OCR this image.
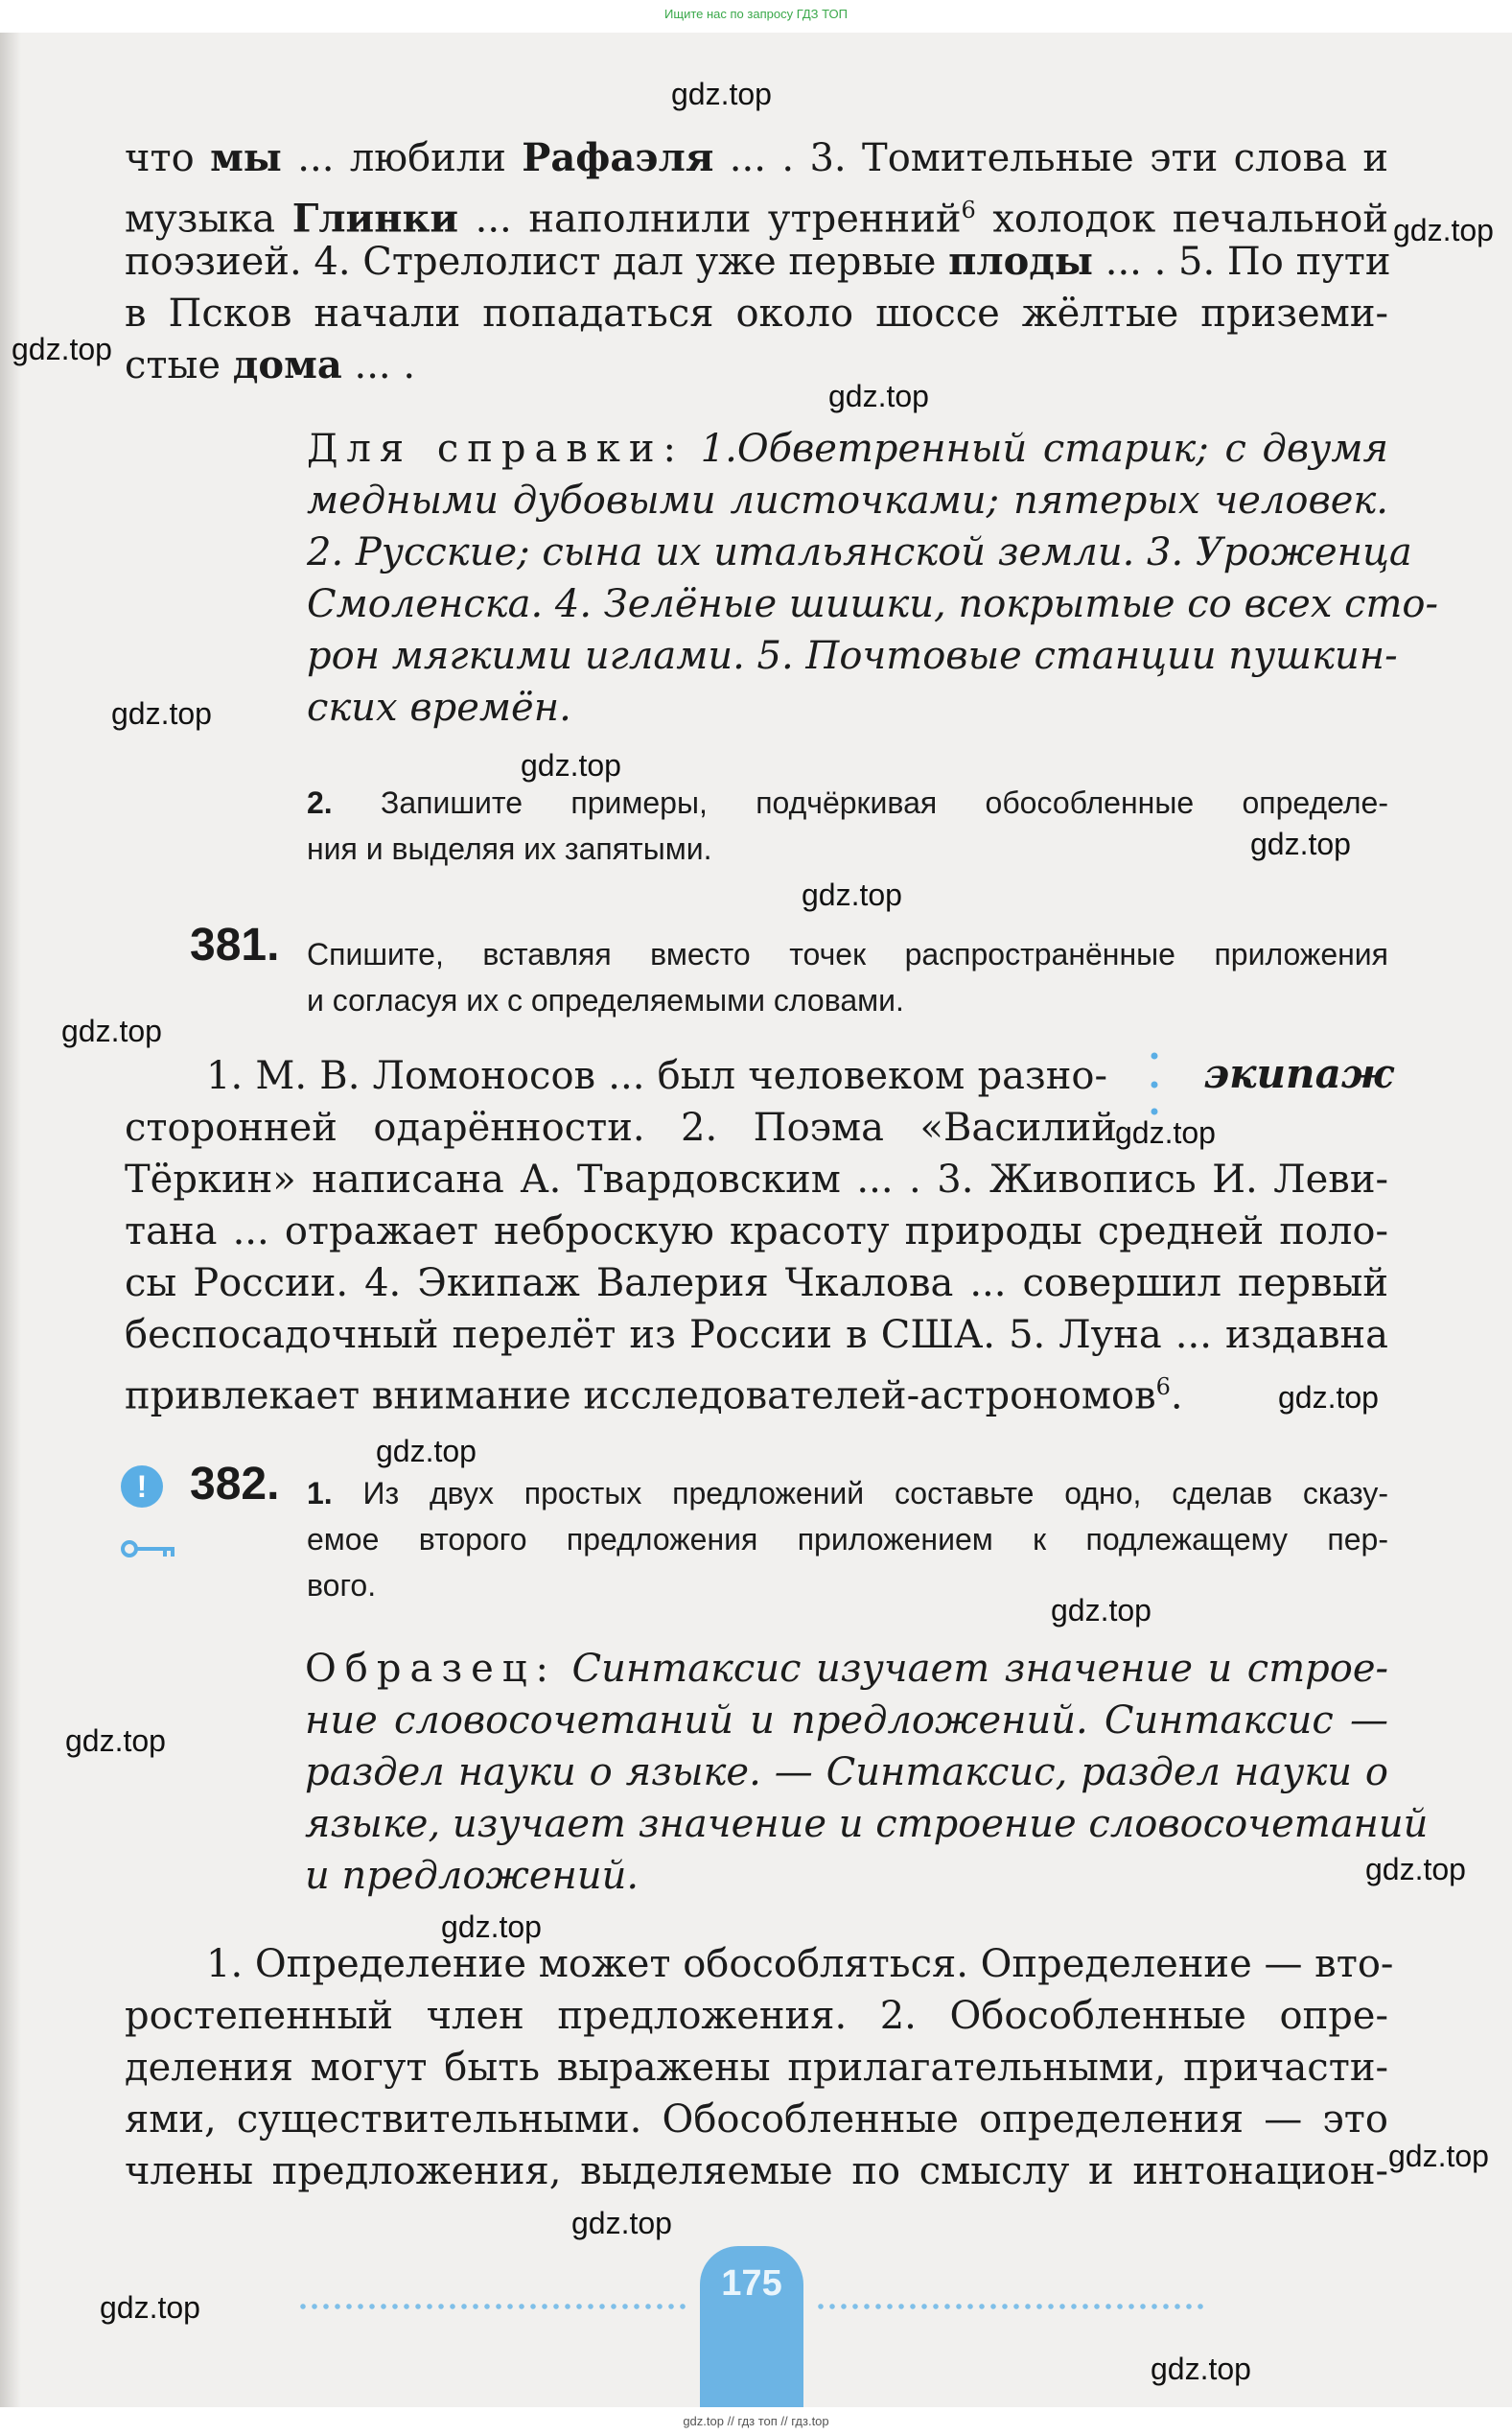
Ищите нас по запросу ГДЗ ТОП
что мы ... любили Рафаэля ... . 3. Томительные эти слова и
музыка Глинки ... наполнили утренний$^6$ холодок печальной
поэзией. 4. Стрелолист дал уже первые плоды ... . 5. По пути
в Псков начали попадаться около шоссе жёлтые приземи-
стые дома ... .
Для справки: 1.Обветренный старик; с двумя
медными дубовыми листочками; пятерых человек.
2. Русские; сына их итальянской земли. 3. Уроженца
Смоленска. 4. Зелёные шишки, покрытые со всех сто-
рон мягкими иглами. 5. Почтовые станции пушкин-
ских времён.
2. Запишите примеры, подчёркивая обособленные определе-
ния и выделяя их запятыми.
381. Спишите, вставляя вместо точек распространённые приложения
и согласуя их с определяемыми словами.
1. М. В. Ломоносов ... был человеком разно- экипаж
сторонней одарённости. 2. Поэма «Василий
Тёркин» написана А. Твардовским ... . 3. Живопись И. Леви-
тана ... отражает неброскую красоту природы средней поло-
сы России. 4. Экипаж Валерия Чкалова ... совершил первый
беспосадочный перелёт из России в США. 5. Луна ... издавна
привлекает внимание исследователей-астрономов$^6$.
! 382. 1. Из двух простых предложений составьте одно, сделав сказу-
емое второго предложения приложением к подлежащему пер-
вого.
Образец: Синтаксис изучает значение и строе-
ние словосочетаний и предложений. Синтаксис —
раздел науки о языке. — Синтаксис, раздел науки о
языке, изучает значение и строение словосочетаний
и предложений.
1. Определение может обособляться. Определение — вто-
ростепенный член предложения. 2. Обособленные опре-
деления могут быть выражены прилагательными, причасти-
ями, существительными. Обособленные определения — это
члены предложения, выделяемые по смыслу и интонацион-
175
gdz.top
gdz.top
gdz.top
gdz.top
gdz.top
gdz.top
gdz.top
gdz.top
gdz.top
gdz.top
gdz.top
gdz.top
gdz.top
gdz.top
gdz.top
gdz.top
gdz.top
gdz.top
gdz.top
gdz.top
gdz.top // гдз топ // гдз.top
